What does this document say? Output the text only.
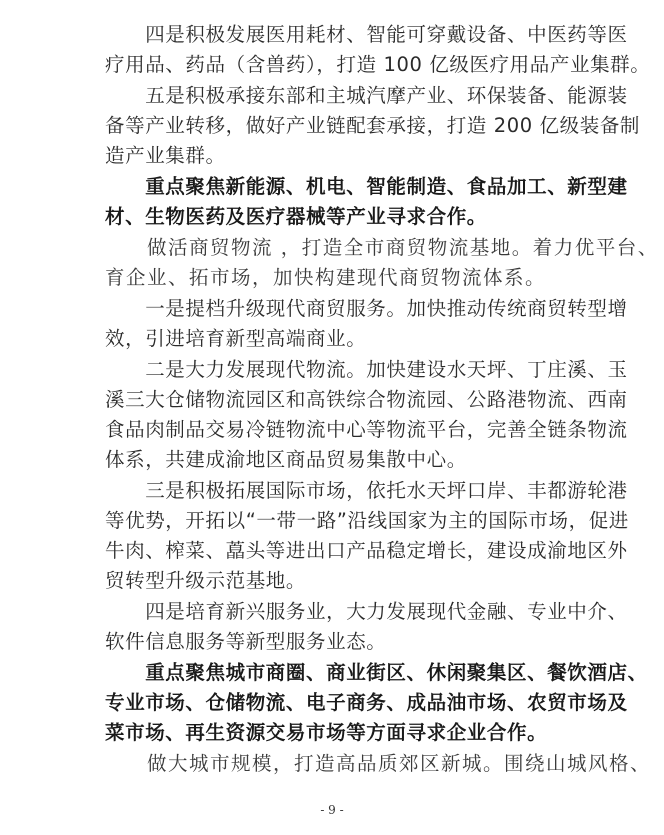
　　四是积极发展医用耗材、智能可穿戴设备、中医药等医
疗用品、药品（含兽药），打造 100 亿级医疗用品产业集群。
　　五是积极承接东部和主城汽摩产业、环保装备、能源装
备等产业转移，做好产业链配套承接，打造 200 亿级装备制
造产业集群。
　　重点聚焦新能源、机电、智能制造、食品加工、新型建
材、生物医药及医疗器械等产业寻求合作。
　　做活商贸物流 ，打造全市商贸物流基地。着力优平台、
育企业、拓市场，加快构建现代商贸物流体系。
　　一是提档升级现代商贸服务。加快推动传统商贸转型增
效，引进培育新型高端商业。
　　二是大力发展现代物流。加快建设水天坪、丁庄溪、玉
溪三大仓储物流园区和高铁综合物流园、公路港物流、西南
食品肉制品交易冷链物流中心等物流平台，完善全链条物流
体系，共建成渝地区商品贸易集散中心。
　　三是积极拓展国际市场，依托水天坪口岸、丰都游轮港
等优势，开拓以“一带一路”沿线国家为主的国际市场，促进
牛肉、榨菜、藠头等进出口产品稳定增长，建设成渝地区外
贸转型升级示范基地。
　　四是培育新兴服务业，大力发展现代金融、专业中介、
软件信息服务等新型服务业态。
　　重点聚焦城市商圈、商业街区、休闲聚集区、餐饮酒店、
专业市场、仓储物流、电子商务、成品油市场、农贸市场及
菜市场、再生资源交易市场等方面寻求企业合作。
　　做大城市规模，打造高品质郊区新城。围绕山城风格、
- 9 -
